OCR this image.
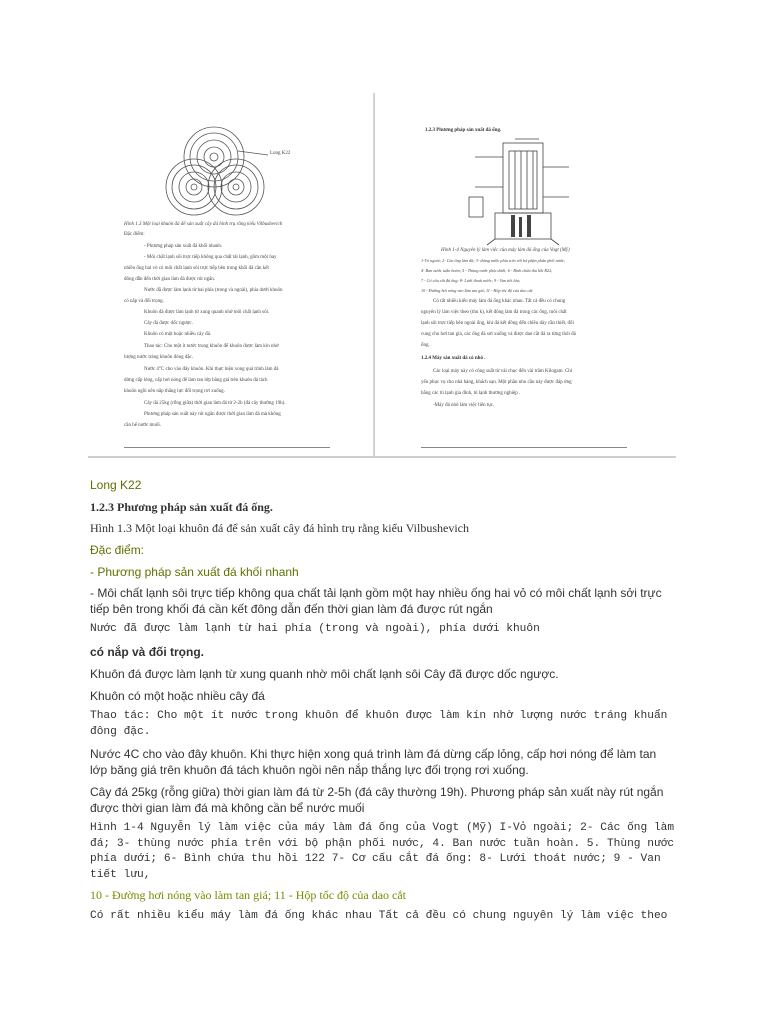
Long K22
Hình 1.3 Một loại khuôn đá để sản xuất cây đá hình trụ rằng kiểu Vilbushevich
Đặc điểm:
- Phương pháp sản xuất đá khối nhanh.
- Môi chất lạnh sôi trực tiếp không qua chất tải lạnh, gồm một hay
nhiều ống hai vỏ có môi chất lạnh sôi trực tiếp bên trong khối đá cần kết
đông dẫn đến thời gian làm đá được rút ngắn.
Nước đã được làm lạnh từ hai phía (trong và ngoài), phía dưới khuôn
có nắp và đối trọng.
Khuôn đá được làm lạnh từ xung quanh nhờ môi chất lạnh sôi.
Cây đá được dốc ngược.
Khuôn có một hoặc nhiều cây đá.
Thao tác: Cho một ít nước trong khuôn để khuôn được làm kín nhờ
lượng nước tráng khuôn đóng đặc.
Nước 4°C cho vào đây khuôn. Khi thực hiện xong quá trình làm đá
dừng cấp lỏng, cấp hơi nóng để làm tan lớp băng giá trên khuôn đá tách
khuôn ngồi nên nắp thắng lực đối trọng rơi xuống.
Cây đá 25kg (rỗng giữa) thời gian làm đá từ 2-2h (đá cây thường 19h).
Phương pháp sản xuất này rút ngắn được thời gian làm đá mà không
cần bể nước muối.
1.2.3 Phương pháp sản xuất đá ống.
Hình 1-4 Nguyên lý làm việc của máy làm đá ống của Vogt (Mỹ)
1-Vỏ ngoài; 2- Các ống làm đá; 3- thùng nước phía trên với bộ phận phân phối nước;
4- Ban nước tuần hoàn; 5 - Thùng nước phía dưới; 6 - Bình chứa thu hồi R22;
7 - Cơ cấu cắt đá ống; 8- Lưới thoát nước; 9 - Van tiết lưu;
10 - Đường hơi nóng vào làm tan giá; 11 - Hộp tốc độ của dao cắt
Có rất nhiều kiểu máy làm đá ống khác nhau. Tất cả đều có chung
nguyên lý làm việc theo (thu k), kết đông làm đá trong các ống, môi chất
lạnh sôi trực tiếp bên ngoài ống, khi đá kết đông đến chiều dày cần thiết, đổi
cung cho hơi tan giá, các ống đá sơi xuống và được dao cắt đá ra từng thỏi đá
ống.
1.2.4 Máy sản xuất đá cỏ nhỏ .
Các loại máy này có công suất từ vài chục đến vài trăm Kilogam. Chỉ
yếu phục vụ cho nhà hàng, khách sạn. Một phần nhu cầu này được đáp ứng
bằng các tủ lạnh gia đình, tủ lạnh thương nghiệp .
-Máy đá nhỏ làm việc liên tục.
Long K22
1.2.3 Phương pháp sản xuất đá ống.
Hình 1.3 Một loại khuôn đá để sản xuất cây đá hình trụ rằng kiểu Vilbushevich
Đặc điểm:
- Phương pháp sản xuất đá khối nhanh
- Môi chất lạnh sôi trực tiếp không qua chất tải lạnh gồm một hay nhiều ống hai vỏ có môi chất lạnh sởi trực tiếp bên trong khối đá cần kết đông dẫn đến thời gian làm đá được rút ngắn
Nước đã được làm lạnh từ hai phía (trong và ngoài), phía dưới khuôn
có nắp và đối trọng.
Khuôn đá được làm lạnh từ xung quanh nhờ môi chất lạnh sôi Cây đã được dốc ngược.
Khuôn có một hoặc nhiều cây đá
Thao tác: Cho một ít nước trong khuôn để khuôn được làm kín nhờ lượng nước tráng khuẩn đông đặc.
Nước 4C cho vào đây khuôn. Khi thực hiện xong quá trình làm đá dừng cấp lỏng, cấp hơi nóng để làm tan lớp băng giá trên khuôn đá tách khuôn ngồi nên nắp thắng lực đối trọng rơi xuống.
Cây đá 25kg (rỗng giữa) thời gian làm đá từ 2-5h (đá cây thường 19h). Phương pháp sản xuất này rút ngắn được thời gian làm đá mà không cần bể nước muối
Hình 1-4 Nguyễn lý làm việc của máy làm đá ống của Vogt (Mỹ) I-Vỏ ngoài; 2- Các ống làm đá; 3- thùng nước phía trên với bộ phận phối nước, 4. Ban nước tuần hoàn. 5. Thùng nước phía dưới; 6- Bình chứa thu hồi 122 7- Cơ cấu cắt đá ống: 8- Lưới thoát nước; 9 - Van tiết lưu,
10 - Đường hơi nóng vào làm tan giá; 11 - Hộp tốc độ của dao cắt
Có rất nhiều kiểu máy làm đá ống khác nhau Tất cả đều có chung nguyên lý làm việc theo
